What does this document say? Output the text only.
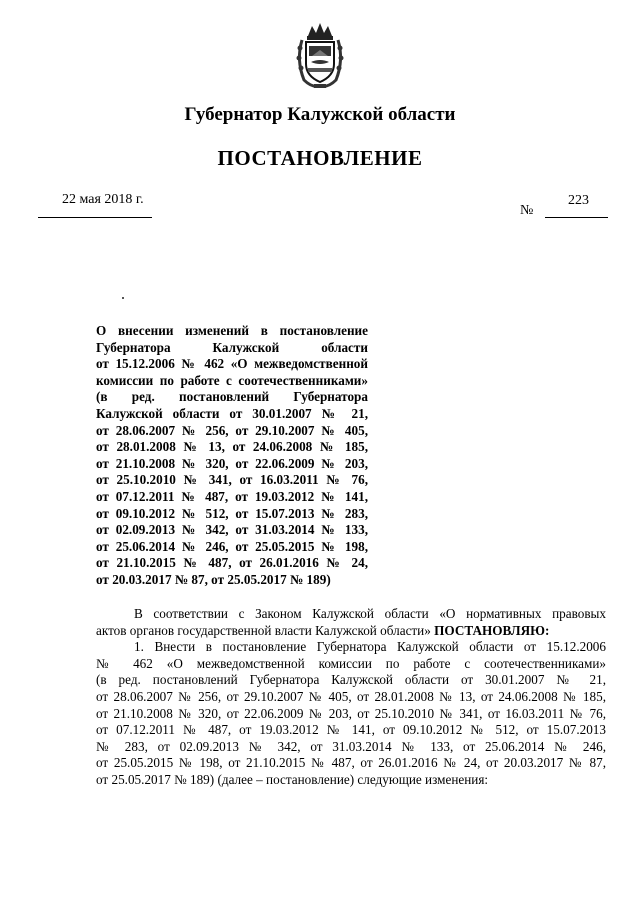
Губернатор Калужской области
ПОСТАНОВЛЕНИЕ
22 мая 2018 г.	223
№
О внесении изменений в постановление
Губернатора Калужской области
от 15.12.2006 № 462 «О межведомственной
комиссии по работе с соотечественниками»
(в ред. постановлений Губернатора
Калужской области от 30.01.2007 № 21,
от 28.06.2007 № 256, от 29.10.2007 № 405,
от 28.01.2008 № 13, от 24.06.2008 № 185,
от 21.10.2008 № 320, от 22.06.2009 № 203,
от 25.10.2010 № 341, от 16.03.2011 № 76,
от 07.12.2011 № 487, от 19.03.2012 № 141,
от 09.10.2012 № 512, от 15.07.2013 № 283,
от 02.09.2013 № 342, от 31.03.2014 № 133,
от 25.06.2014 № 246, от 25.05.2015 № 198,
от 21.10.2015 № 487, от 26.01.2016 № 24,
от 20.03.2017 № 87, от 25.05.2017 № 189)
В соответствии с Законом Калужской области «О нормативных правовых
актов органов государственной власти Калужской области» ПОСТАНОВЛЯЮ:
1. Внести в постановление Губернатора Калужской области от 15.12.2006
№ 462 «О межведомственной комиссии по работе с соотечественниками»
(в ред. постановлений Губернатора Калужской области от 30.01.2007 № 21,
от 28.06.2007 № 256, от 29.10.2007 № 405, от 28.01.2008 № 13, от 24.06.2008 № 185,
от 21.10.2008 № 320, от 22.06.2009 № 203, от 25.10.2010 № 341, от 16.03.2011 № 76,
от 07.12.2011 № 487, от 19.03.2012 № 141, от 09.10.2012 № 512, от 15.07.2013
№ 283, от 02.09.2013 № 342, от 31.03.2014 № 133, от 25.06.2014 № 246,
от 25.05.2015 № 198, от 21.10.2015 № 487, от 26.01.2016 № 24, от 20.03.2017 № 87,
от 25.05.2017 № 189) (далее – постановление) следующие изменения:
